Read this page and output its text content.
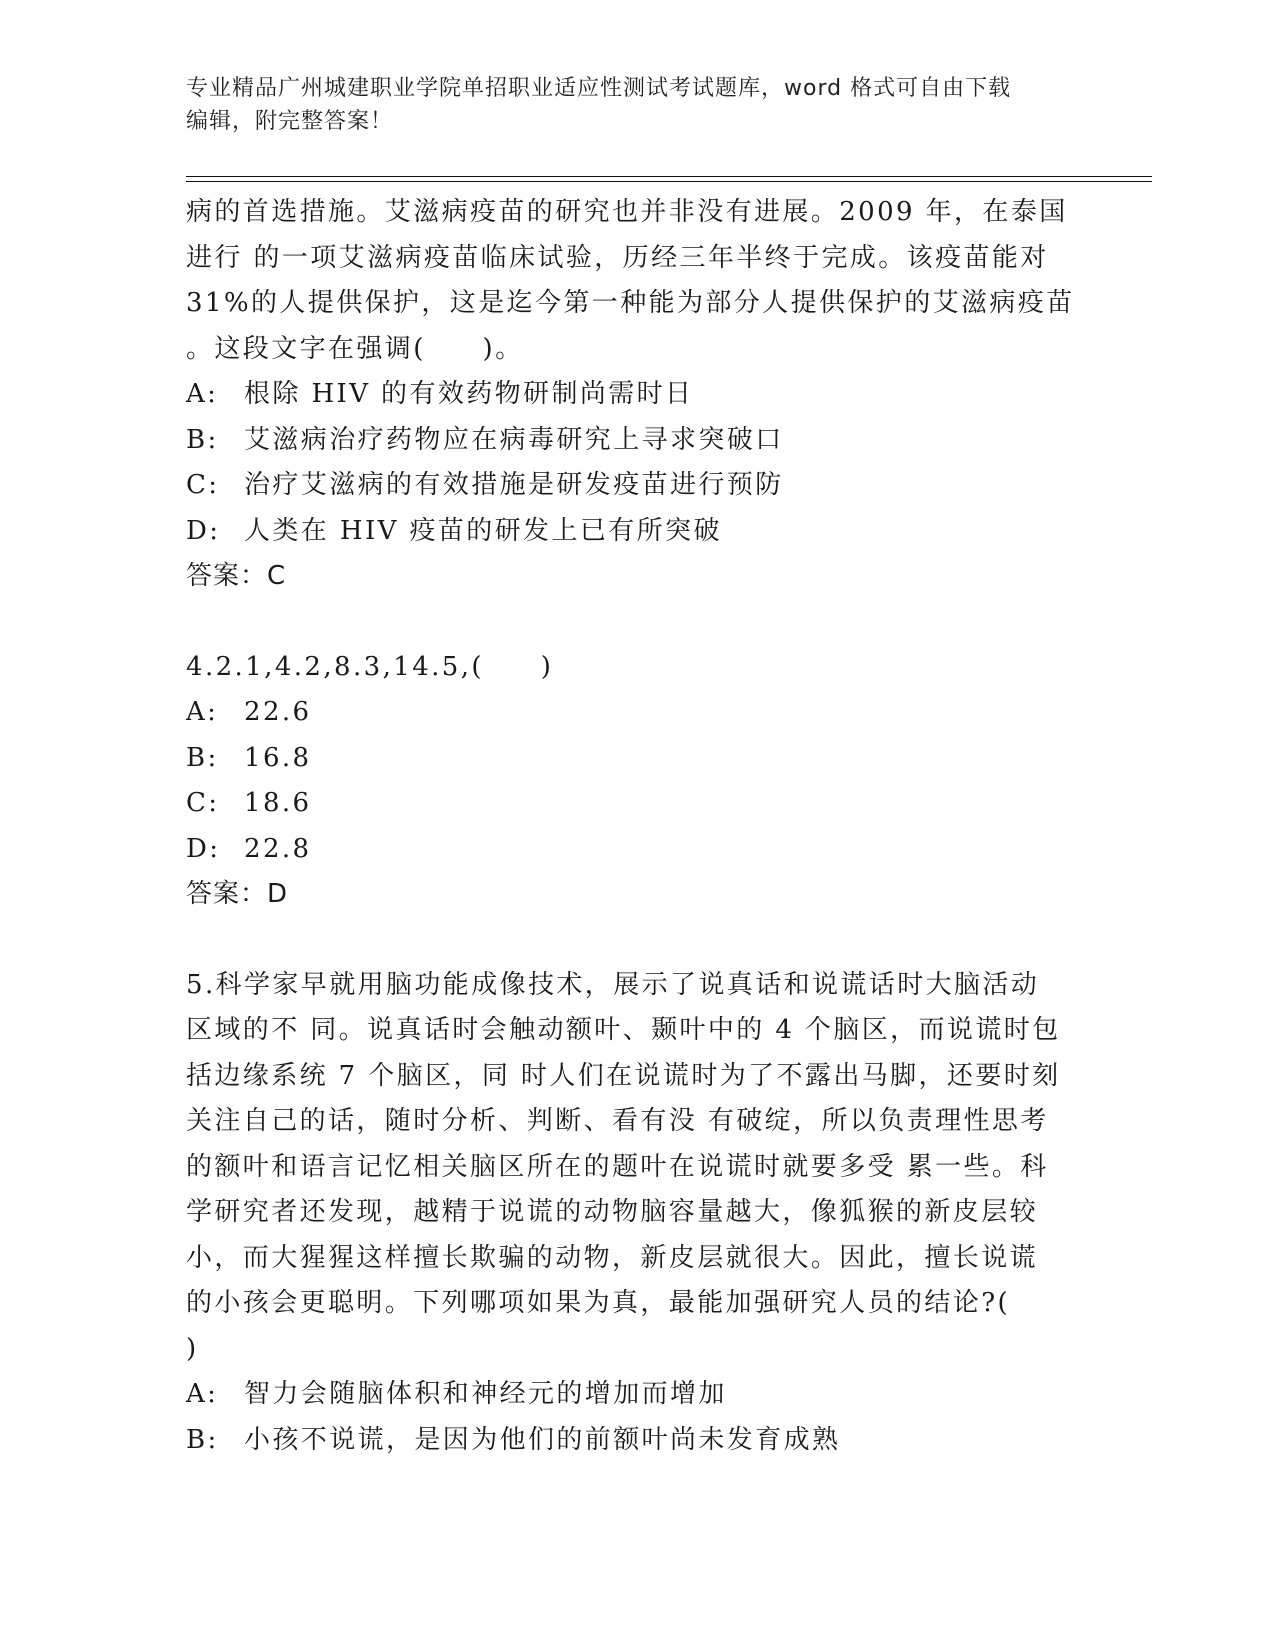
专业精品广州城建职业学院单招职业适应性测试考试题库，word 格式可自由下载
编辑，附完整答案！
病的首选措施。艾滋病疫苗的研究也并非没有进展。2009 年，在泰国
进行 的一项艾滋病疫苗临床试验，历经三年半终于完成。该疫苗能对
31%的人提供保护，这是迄今第一种能为部分人提供保护的艾滋病疫苗
。这段文字在强调(　　)。
A: 根除 HIV 的有效药物研制尚需时日
B: 艾滋病治疗药物应在病毒研究上寻求突破口
C: 治疗艾滋病的有效措施是研发疫苗进行预防
D: 人类在 HIV 疫苗的研发上已有所突破
答案：C
4.2.1,4.2,8.3,14.5,(　　)
A: 22.6
B: 16.8
C: 18.6
D: 22.8
答案：D
5.科学家早就用脑功能成像技术，展示了说真话和说谎话时大脑活动
区域的不 同。说真话时会触动额叶、颞叶中的 4 个脑区，而说谎时包
括边缘系统 7 个脑区，同 时人们在说谎时为了不露出马脚，还要时刻
关注自己的话，随时分析、判断、看有没 有破绽，所以负责理性思考
的额叶和语言记忆相关脑区所在的题叶在说谎时就要多受 累一些。科
学研究者还发现，越精于说谎的动物脑容量越大，像狐猴的新皮层较
小，而大猩猩这样擅长欺骗的动物，新皮层就很大。因此，擅长说谎
的小孩会更聪明。下列哪项如果为真，最能加强研究人员的结论?(
)
A: 智力会随脑体积和神经元的增加而增加
B: 小孩不说谎，是因为他们的前额叶尚未发育成熟
